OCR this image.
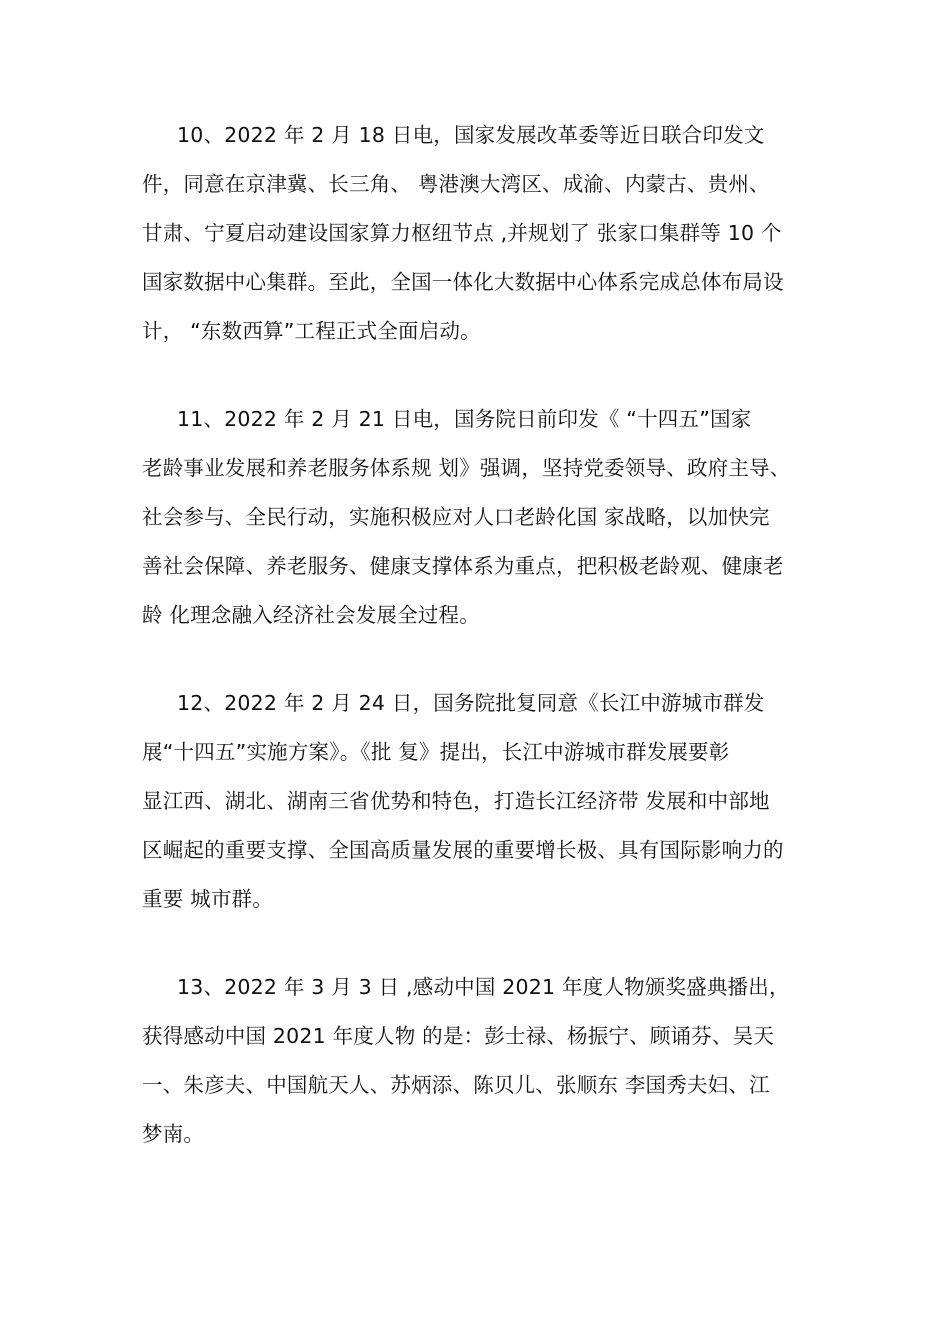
10、2022 年 2 月 18 日电，国家发展改革委等近日联合印发文
件，同意在京津冀、长三角、 粤港澳大湾区、成渝、内蒙古、贵州、
甘肃、宁夏启动建设国家算力枢纽节点 ,并规划了 张家口集群等 10 个
国家数据中心集群。至此，全国一体化大数据中心体系完成总体布局设
计， “东数西算”工程正式全面启动。
11、2022 年 2 月 21 日电，国务院日前印发《 “十四五”国家
老龄事业发展和养老服务体系规 划》强调，坚持党委领导、政府主导、
社会参与、全民行动，实施积极应对人口老龄化国 家战略，以加快完
善社会保障、养老服务、健康支撑体系为重点，把积极老龄观、健康老
龄 化理念融入经济社会发展全过程。
12、2022 年 2 月 24 日，国务院批复同意《长江中游城市群发
展“十四五”实施方案》。《批 复》提出，长江中游城市群发展要彰
显江西、湖北、湖南三省优势和特色，打造长江经济带 发展和中部地
区崛起的重要支撑、全国高质量发展的重要增长极、具有国际影响力的
重要 城市群。
13、2022 年 3 月 3 日 ,感动中国 2021 年度人物颁奖盛典播出，
获得感动中国 2021 年度人物 的是：彭士禄、杨振宁、顾诵芬、吴天
一、朱彦夫、中国航天人、苏炳添、陈贝儿、张顺东 李国秀夫妇、江
梦南。
